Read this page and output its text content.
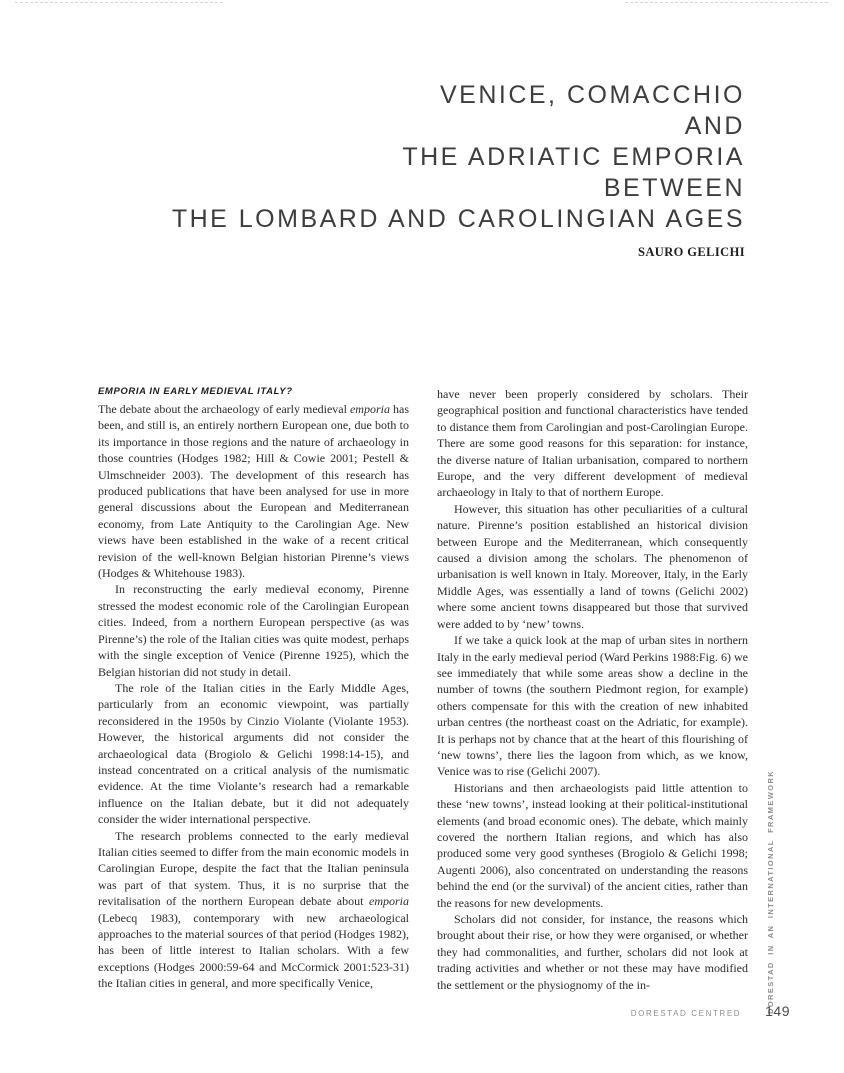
VENICE, COMACCHIO
AND
THE ADRIATIC EMPORIA
BETWEEN
THE LOMBARD AND CAROLINGIAN AGES
SAURO GELICHI
EMPORIA IN EARLY MEDIEVAL ITALY?

The debate about the archaeology of early medieval emporia has been, and still is, an entirely northern European one, due both to its importance in those regions and the nature of archaeology in those countries (Hodges 1982; Hill & Cowie 2001; Pestell & Ulmschneider 2003). The development of this research has produced publications that have been analysed for use in more general discussions about the European and Mediterranean economy, from Late Antiquity to the Carolingian Age. New views have been established in the wake of a recent critical revision of the well-known Belgian historian Pirenne’s views (Hodges & Whitehouse 1983).

In reconstructing the early medieval economy, Pirenne stressed the modest economic role of the Carolingian European cities. Indeed, from a northern European perspective (as was Pirenne’s) the role of the Italian cities was quite modest, perhaps with the single exception of Venice (Pirenne 1925), which the Belgian historian did not study in detail.

The role of the Italian cities in the Early Middle Ages, particularly from an economic viewpoint, was partially reconsidered in the 1950s by Cinzio Violante (Violante 1953). However, the historical arguments did not consider the archaeological data (Brogiolo & Gelichi 1998:14-15), and instead concentrated on a critical analysis of the numismatic evidence. At the time Violante’s research had a remarkable influence on the Italian debate, but it did not adequately consider the wider international perspective.

The research problems connected to the early medieval Italian cities seemed to differ from the main economic models in Carolingian Europe, despite the fact that the Italian peninsula was part of that system. Thus, it is no surprise that the revitalisation of the northern European debate about emporia (Lebecq 1983), contemporary with new archaeological approaches to the material sources of that period (Hodges 1982), has been of little interest to Italian scholars. With a few exceptions (Hodges 2000:59-64 and McCormick 2001:523-31) the Italian cities in general, and more specifically Venice,

have never been properly considered by scholars. Their geographical position and functional characteristics have tended to distance them from Carolingian and post-Carolingian Europe. There are some good reasons for this separation: for instance, the diverse nature of Italian urbanisation, compared to northern Europe, and the very different development of medieval archaeology in Italy to that of northern Europe.

However, this situation has other peculiarities of a cultural nature. Pirenne’s position established an historical division between Europe and the Mediterranean, which consequently caused a division among the scholars. The phenomenon of urbanisation is well known in Italy. Moreover, Italy, in the Early Middle Ages, was essentially a land of towns (Gelichi 2002) where some ancient towns disappeared but those that survived were added to by ‘new’ towns.

If we take a quick look at the map of urban sites in northern Italy in the early medieval period (Ward Perkins 1988:Fig. 6) we see immediately that while some areas show a decline in the number of towns (the southern Piedmont region, for example) others compensate for this with the creation of new inhabited urban centres (the northeast coast on the Adriatic, for example). It is perhaps not by chance that at the heart of this flourishing of ‘new towns’, there lies the lagoon from which, as we know, Venice was to rise (Gelichi 2007).

Historians and then archaeologists paid little attention to these ‘new towns’, instead looking at their political-institutional elements (and broad economic ones). The debate, which mainly covered the northern Italian regions, and which has also produced some very good syntheses (Brogiolo & Gelichi 1998; Augenti 2006), also concentrated on understanding the reasons behind the end (or the survival) of the ancient cities, rather than the reasons for new developments.

Scholars did not consider, for instance, the reasons which brought about their rise, or how they were organised, or whether they had commonalities, and further, scholars did not look at trading activities and whether or not these may have modified the settlement or the physiognomy of the in-	DORESTAD IN AN INTERNATIONAL FRAMEWORK
DORESTAD CENTRED 149
